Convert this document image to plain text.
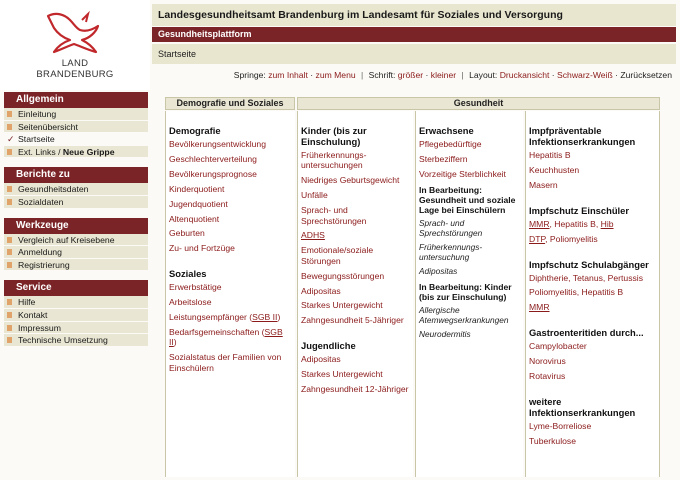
LAND
BRANDENBURG
Landesgesundheitsamt Brandenburg im Landesamt für Soziales und Versorgung
Gesundheitsplattform
Startseite
Springe: zum Inhalt · zum Menu | Schrift: größer · kleiner | Layout: Druckansicht · Schwarz-Weiß · Zurücksetzen
Allgemein
Einleitung
Seitenübersicht
✓ Startseite
Ext. Links / Neue Grippe
Berichte zu
Gesundheitsdaten
Sozialdaten
Werkzeuge
Vergleich auf Kreisebene
Anmeldung
Registrierung
Service
Hilfe
Kontakt
Impressum
Technische Umsetzung
Demografie und Soziales	Gesundheit
Demografie
Bevölkerungsentwicklung
Geschlechterverteilung
Bevölkerungsprognose
Kinderquotient
Jugendquotient
Altenquotient
Geburten
Zu- und Fortzüge
Soziales
Erwerbstätige
Arbeitslose
Leistungsempfänger (SGB II)
Bedarfsgemeinschaften (SGB II)
Sozialstatus der Familien von Einschülern
Kinder (bis zur Einschulung)
Früherkennungs-untersuchungen
Niedriges Geburtsgewicht
Unfälle
Sprach- und Sprechstörungen
ADHS
Emotionale/soziale Störungen
Bewegungsstörungen
Adipositas
Starkes Untergewicht
Zahngesundheit 5-Jähriger
Jugendliche
Adipositas
Starkes Untergewicht
Zahngesundheit 12-Jähriger
Erwachsene
Pflegebedürftige
Sterbeziffern
Vorzeitige Sterblichkeit
In Bearbeitung: Gesundheit und soziale Lage bei Einschülern
Sprach- und Sprechstörungen
Früherkennungs-untersuchung
Adipositas
In Bearbeitung: Kinder (bis zur Einschulung)
Allergische Atemwegserkrankungen
Neurodermitis
Impfpräventable Infektionserkrankungen
Hepatitis B
Keuchhusten
Masern
Impfschutz Einschüler
MMR, Hepatitis B, Hib
DTP, Poliomyelitis
Impfschutz Schulabgänger
Diphtherie, Tetanus, Pertussis
Poliomyelitis, Hepatitis B
MMR
Gastroenteritiden durch...
Campylobacter
Norovirus
Rotavirus
weitere Infektionserkrankungen
Lyme-Borreliose
Tuberkulose
